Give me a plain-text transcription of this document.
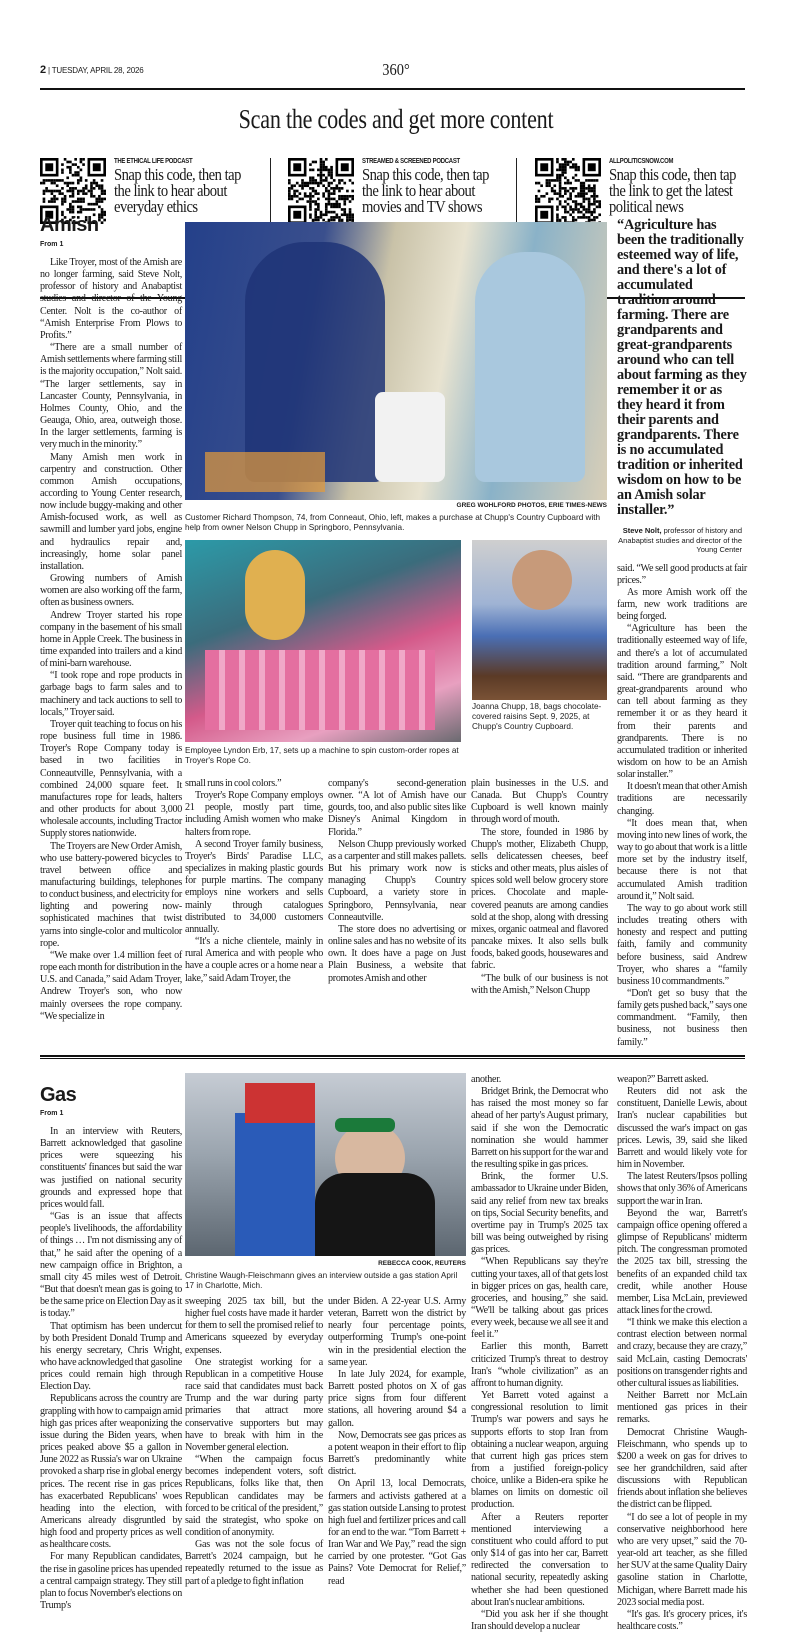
2 | TUESDAY, APRIL 28, 2026	360°
Scan the codes and get more content
THE ETHICAL LIFE PODCAST
Snap this code, then tap the link to hear about everyday ethics
STREAMED & SCREENED PODCAST
Snap this code, then tap the link to hear about movies and TV shows
ALLPOLITICSNOW.COM
Snap this code, then tap the link to get the latest political news
Amish
From 1

Like Troyer, most of the Amish are no longer farming, said Steve Nolt, professor of history and Anabaptist studies and director of the Young Center. Nolt is the co-author of “Amish Enterprise From Plows to Profits.”

“There are a small number of Amish settlements where farming still is the majority occupation,” Nolt said. “The larger settlements, say in Lancaster County, Pennsylvania, in Holmes County, Ohio, and the Geauga, Ohio, area, outweigh those. In the larger settlements, farming is very much in the minority.”

Many Amish men work in carpentry and construction. Other common Amish occupations, according to Young Center research, now include buggy-making and other Amish-focused work, as well as sawmill and lumber yard jobs, engine and hydraulics repair and, increasingly, home solar panel installation.

Growing numbers of Amish women are also working off the farm, often as business owners.

Andrew Troyer started his rope company in the basement of his small home in Apple Creek. The business in time expanded into trailers and a kind of mini-barn warehouse.

“I took rope and rope products in garbage bags to farm sales and to machinery and tack auctions to sell to locals,” Troyer said.

Troyer quit teaching to focus on his rope business full time in 1986. Troyer's Rope Company today is based in two facilities in Conneautville, Pennsylvania, with a combined 24,000 square feet. It manufactures rope for leads, halters and other products for about 3,000 wholesale accounts, including Tractor Supply stores nationwide.

The Troyers are New Order Amish, who use battery-powered bicycles to travel between office and manufacturing buildings, telephones to conduct business, and electricity for lighting and powering now-sophisticated machines that twist yarns into single-color and multicolor rope.

“We make over 1.4 million feet of rope each month for distribution in the U.S. and Canada,” said Adam Troyer, Andrew Troyer's son, who now mainly oversees the rope company. “We specialize in

GREG WOHLFORD PHOTOS, ERIE TIMES-NEWS
Customer Richard Thompson, 74, from Conneaut, Ohio, left, makes a purchase at Chupp's Country Cupboard with help from owner Nelson Chupp in Springboro, Pennsylvania.
Employee Lyndon Erb, 17, sets up a machine to spin custom-order ropes at Troyer's Rope Co.
Joanna Chupp, 18, bags chocolate-covered raisins Sept. 9, 2025, at Chupp's Country Cupboard.
“Agriculture has been the traditionally esteemed way of life, and there's a lot of accumulated tradition around farming. There are grandparents and great-grandparents around who can tell about farming as they remember it or as they heard it from their parents and grandparents. There is no accumulated tradition or inherited wisdom on how to be an Amish solar installer.”
Steve Nolt, professor of history and Anabaptist studies and director of the Young Center

said. “We sell good products at fair prices.”

As more Amish work off the farm, new work traditions are being forged.

“Agriculture has been the traditionally esteemed way of life, and there's a lot of accumulated tradition around farming,” Nolt said. “There are grandparents and great-grandparents around who can tell about farming as they remember it or as they heard it from their parents and grandparents. There is no accumulated tradition or inherited wisdom on how to be an Amish solar installer.”

It doesn't mean that other Amish traditions are necessarily changing.

“It does mean that, when moving into new lines of work, the way to go about that work is a little more set by the industry itself, because there is not that accumulated Amish tradition around it,” Nolt said.

The way to go about work still includes treating others with honesty and respect and putting faith, family and community before business, said Andrew Troyer, who shares a “family business 10 commandments.”

“Don't get so busy that the family gets pushed back,” says one commandment. “Family, then business, not business then family.”

small runs in cool colors.”

Troyer's Rope Company employs 21 people, mostly part time, including Amish women who make halters from rope.

A second Troyer family business, Troyer's Birds' Paradise LLC, specializes in making plastic gourds for purple martins. The company employs nine workers and sells mainly through catalogues distributed to 34,000 customers annually.

“It's a niche clientele, mainly in rural America and with people who have a couple acres or a home near a lake,” said Adam Troyer, the

company's second-generation owner. “A lot of Amish have our gourds, too, and also public sites like Disney's Animal Kingdom in Florida.”

Nelson Chupp previously worked as a carpenter and still makes pallets. But his primary work now is managing Chupp's Country Cupboard, a variety store in Springboro, Pennsylvania, near Conneautville.

The store does no advertising or online sales and has no website of its own. It does have a page on Just Plain Business, a website that promotes Amish and other

plain businesses in the U.S. and Canada. But Chupp's Country Cupboard is well known mainly through word of mouth.

The store, founded in 1986 by Chupp's mother, Elizabeth Chupp, sells delicatessen cheeses, beef sticks and other meats, plus aisles of spices sold well below grocery store prices. Chocolate and maple-covered peanuts are among candies sold at the shop, along with dressing mixes, organic oatmeal and flavored pancake mixes. It also sells bulk foods, baked goods, housewares and fabric.

“The bulk of our business is not with the Amish,” Nelson Chupp

Gas
From 1

In an interview with Reuters, Barrett acknowledged that gasoline prices were squeezing his constituents' finances but said the war was justified on national security grounds and expressed hope that prices would fall.

“Gas is an issue that affects people's livelihoods, the affordability of things … I'm not dismissing any of that,” he said after the opening of a new campaign office in Brighton, a small city 45 miles west of Detroit. “But that doesn't mean gas is going to be the same price on Election Day as it is today.”

That optimism has been undercut by both President Donald Trump and his energy secretary, Chris Wright, who have acknowledged that gasoline prices could remain high through Election Day.

Republicans across the country are grappling with how to campaign amid high gas prices after weaponizing the issue during the Biden years, when prices peaked above $5 a gallon in June 2022 as Russia's war on Ukraine provoked a sharp rise in global energy prices. The recent rise in gas prices has exacerbated Republicans' woes heading into the election, with Americans already disgruntled by high food and property prices as well as healthcare costs.

For many Republican candidates, the rise in gasoline prices has upended a central campaign strategy. They still plan to focus November's elections on Trump's

REBECCA COOK, REUTERS
Christine Waugh-Fleischmann gives an interview outside a gas station April 17 in Charlotte, Mich.

sweeping 2025 tax bill, but the higher fuel costs have made it harder for them to sell the promised relief to Americans squeezed by everyday expenses.

One strategist working for a Republican in a competitive House race said that candidates must back Trump and the war during party primaries that attract more conservative supporters but may have to break with him in the November general election.

“When the campaign focus becomes independent voters, soft Republicans, folks like that, then Republican candidates may be forced to be critical of the president,” said the strategist, who spoke on condition of anonymity.

Gas was not the sole focus of Barrett's 2024 campaign, but he repeatedly returned to the issue as part of a pledge to fight inflation

under Biden. A 22-year U.S. Army veteran, Barrett won the district by nearly four percentage points, outperforming Trump's one-point win in the presidential election the same year.

In late July 2024, for example, Barrett posted photos on X of gas price signs from four different stations, all hovering around $4 a gallon.

Now, Democrats see gas prices as a potent weapon in their effort to flip Barrett's predominantly white district.

On April 13, local Democrats, farmers and activists gathered at a gas station outside Lansing to protest high fuel and fertilizer prices and call for an end to the war. “Tom Barrett + Iran War and We Pay,” read the sign carried by one protester. “Got Gas Pains? Vote Democrat for Relief,” read

another.

Bridget Brink, the Democrat who has raised the most money so far ahead of her party's August primary, said if she won the Democratic nomination she would hammer Barrett on his support for the war and the resulting spike in gas prices.

Brink, the former U.S. ambassador to Ukraine under Biden, said any relief from new tax breaks on tips, Social Security benefits, and overtime pay in Trump's 2025 tax bill was being outweighed by rising gas prices.

“When Republicans say they're cutting your taxes, all of that gets lost in bigger prices on gas, health care, groceries, and housing,” she said. “We'll be talking about gas prices every week, because we all see it and feel it.”

Earlier this month, Barrett criticized Trump's threat to destroy Iran's “whole civilization” as an affront to human dignity.

Yet Barrett voted against a congressional resolution to limit Trump's war powers and says he supports efforts to stop Iran from obtaining a nuclear weapon, arguing that current high gas prices stem from a justified foreign-policy choice, unlike a Biden-era spike he blames on limits on domestic oil production.

After a Reuters reporter mentioned interviewing a constituent who could afford to put only $14 of gas into her car, Barrett redirected the conversation to national security, repeatedly asking whether she had been questioned about Iran's nuclear ambitions.

“Did you ask her if she thought Iran should develop a nuclear

weapon?” Barrett asked.

Reuters did not ask the constituent, Danielle Lewis, about Iran's nuclear capabilities but discussed the war's impact on gas prices. Lewis, 39, said she liked Barrett and would likely vote for him in November.

The latest Reuters/Ipsos polling shows that only 36% of Americans support the war in Iran.

Beyond the war, Barrett's campaign office opening offered a glimpse of Republicans' midterm pitch. The congressman promoted the 2025 tax bill, stressing the benefits of an expanded child tax credit, while another House member, Lisa McLain, previewed attack lines for the crowd.

“I think we make this election a contrast election between normal and crazy, because they are crazy,” said McLain, casting Democrats' positions on transgender rights and other cultural issues as liabilities.

Neither Barrett nor McLain mentioned gas prices in their remarks.

Democrat Christine Waugh-Fleischmann, who spends up to $200 a week on gas for drives to see her grandchildren, said after discussions with Republican friends about inflation she believes the district can be flipped.

“I do see a lot of people in my conservative neighborhood here who are very upset,” said the 70-year-old art teacher, as she filled her SUV at the same Quality Dairy gasoline station in Charlotte, Michigan, where Barrett made his 2023 social media post.

“It's gas. It's grocery prices, it's healthcare costs.”
